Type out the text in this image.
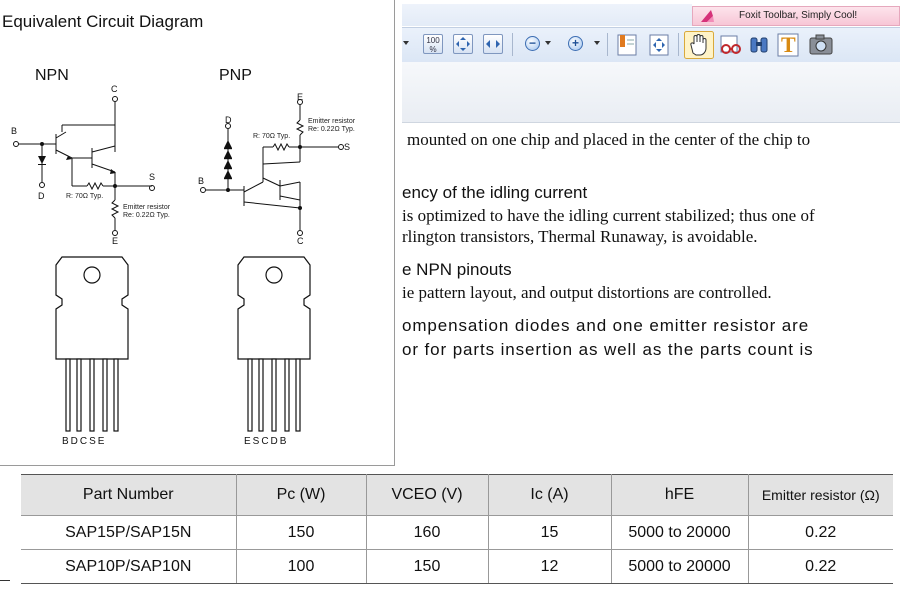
Equivalent Circuit Diagram
NPN	PNP
C
B
D
S
E
R: 70Ω Typ.
Emitter resistor
Re: 0.22Ω Typ.
E
D
S
B
C
R: 70Ω Typ.
Emitter resistor
Re: 0.22Ω Typ.
BDCSE	ESCDB
Foxit Toolbar, Simply Cool!
100
%	−	+	T
mounted on one chip and placed in the center of the chip to
ency of the idling current
is optimized to have the idling current stabilized; thus one of
rlington transistors, Thermal Runaway, is avoidable.
e NPN pinouts
ie pattern layout, and output distortions are controlled.
ompensation diodes and one emitter resistor are
or for parts insertion as well as the parts count is
Part Number	Pc (W)	VCEO (V)	Ic (A)	hFE	Emitter resistor (Ω)
SAP15P/SAP15N	150	160	15	5000 to 20000	0.22
SAP10P/SAP10N	100	150	12	5000 to 20000	0.22
